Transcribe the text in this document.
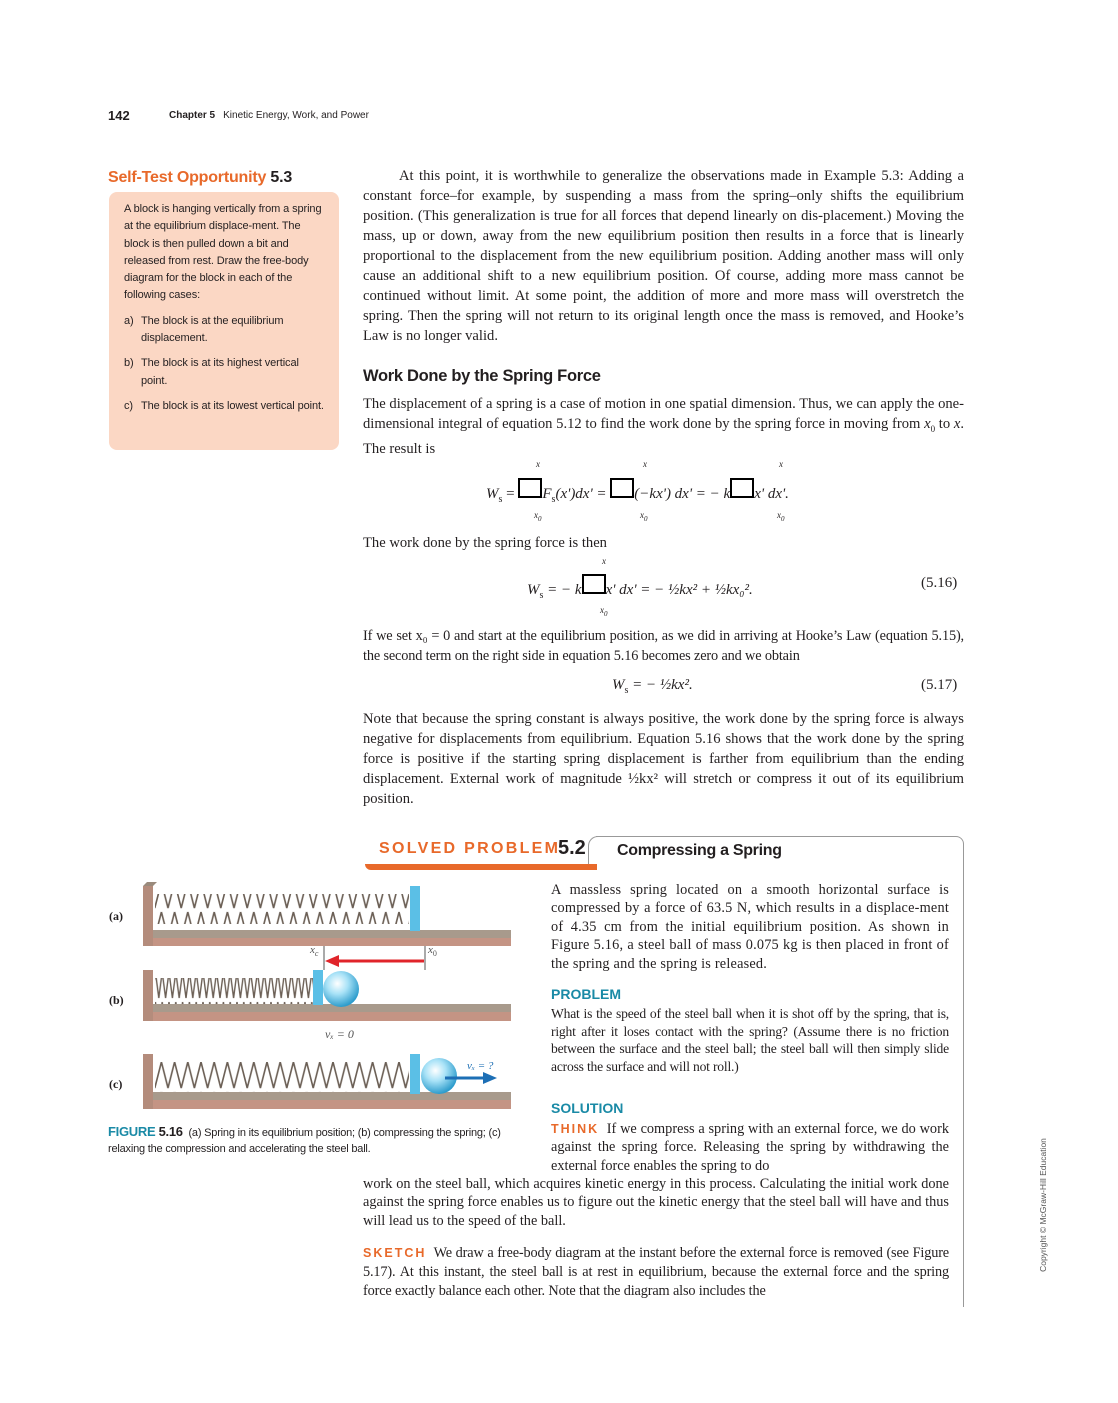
142	Chapter 5 Kinetic Energy, Work, and Power
Self-Test Opportunity 5.3

A block is hanging vertically from a spring at the equilibrium displace-ment. The block is then pulled down a bit and released from rest. Draw the free-body diagram for the block in each of the following cases:

a) The block is at the equilibrium displacement.

b) The block is at its highest vertical point.

c) The block is at its lowest vertical point.

At this point, it is worthwhile to generalize the observations made in Example 5.3: Adding a constant force–for example, by suspending a mass from the spring–only shifts the equilibrium position. (This generalization is true for all forces that depend linearly on dis-placement.) Moving the mass, up or down, away from the new equilibrium position then results in a force that is linearly proportional to the displacement from the new equilibrium position. Adding another mass will only cause an additional shift to a new equilibrium position. Of course, adding more mass cannot be continued without limit. At some point, the addition of more and more mass will overstretch the spring. Then the spring will not return to its original length once the mass is removed, and Hooke’s Law is no longer valid.
Work Done by the Spring Force
The displacement of a spring is a case of motion in one spatial dimension. Thus, we can apply the one-dimensional integral of equation 5.12 to find the work done by the spring force in moving from $x_0$ to x. The result is
x	x	x
$W_s = F_s(x')dx' = (-kx') dx'$ = − k x' dx'.
$x_0$	$x_0$	$x_0$
The work done by the spring force is then
x
$W_s$ = − k x' dx' = − ½kx² + ½kx₀².	(5.16)
$x_0$
If we set x₀ = 0 and start at the equilibrium position, as we did in arriving at Hooke’s Law (equation 5.15), the second term on the right side in equation 5.16 becomes zero and we obtain
$W_s$ = − ½kx².	(5.17)
Note that because the spring constant is always positive, the work done by the spring force is always negative for displacements from equilibrium. Equation 5.16 shows that the work done by the spring force is positive if the starting spring displacement is farther from equilibrium than the ending displacement. External work of magnitude ½kx² will stretch or compress it out of its equilibrium position.
SOLVED PROBLEM
5.2 Compressing a Spring
A massless spring located on a smooth horizontal surface is compressed by a force of 63.5 N, which results in a displace-ment of 4.35 cm from the initial equilibrium position. As shown in Figure 5.16, a steel ball of mass 0.075 kg is then placed in front of the spring and the spring is released.
PROBLEM
What is the speed of the steel ball when it is shot off by the spring, that is, right after it loses contact with the spring? (Assume there is no friction between the surface and the steel ball; the steel ball will then simply slide across the surface and will not roll.)
SOLUTION
THINK If we compress a spring with an external force, we do work against the spring force. Releasing the spring by withdrawing the external force enables the spring to do
work on the steel ball, which acquires kinetic energy in this process. Calculating the initial work done against the spring force enables us to figure out the kinetic energy that the steel ball will have and thus will lead us to the speed of the ball.
SKETCH We draw a free-body diagram at the instant before the external force is removed (see Figure 5.17). At this instant, the steel ball is at rest in equilibrium, because the external force and the spring force exactly balance each other. Note that the diagram also includes the
(a)
(b)
(c)
$x_c$	$x_0$
vₓ = 0
vₓ = ?
FIGURE 5.16 (a) Spring in its equilibrium position; (b) compressing the spring; (c) relaxing the compression and accelerating the steel ball.	Copyright © McGraw-Hill Education
